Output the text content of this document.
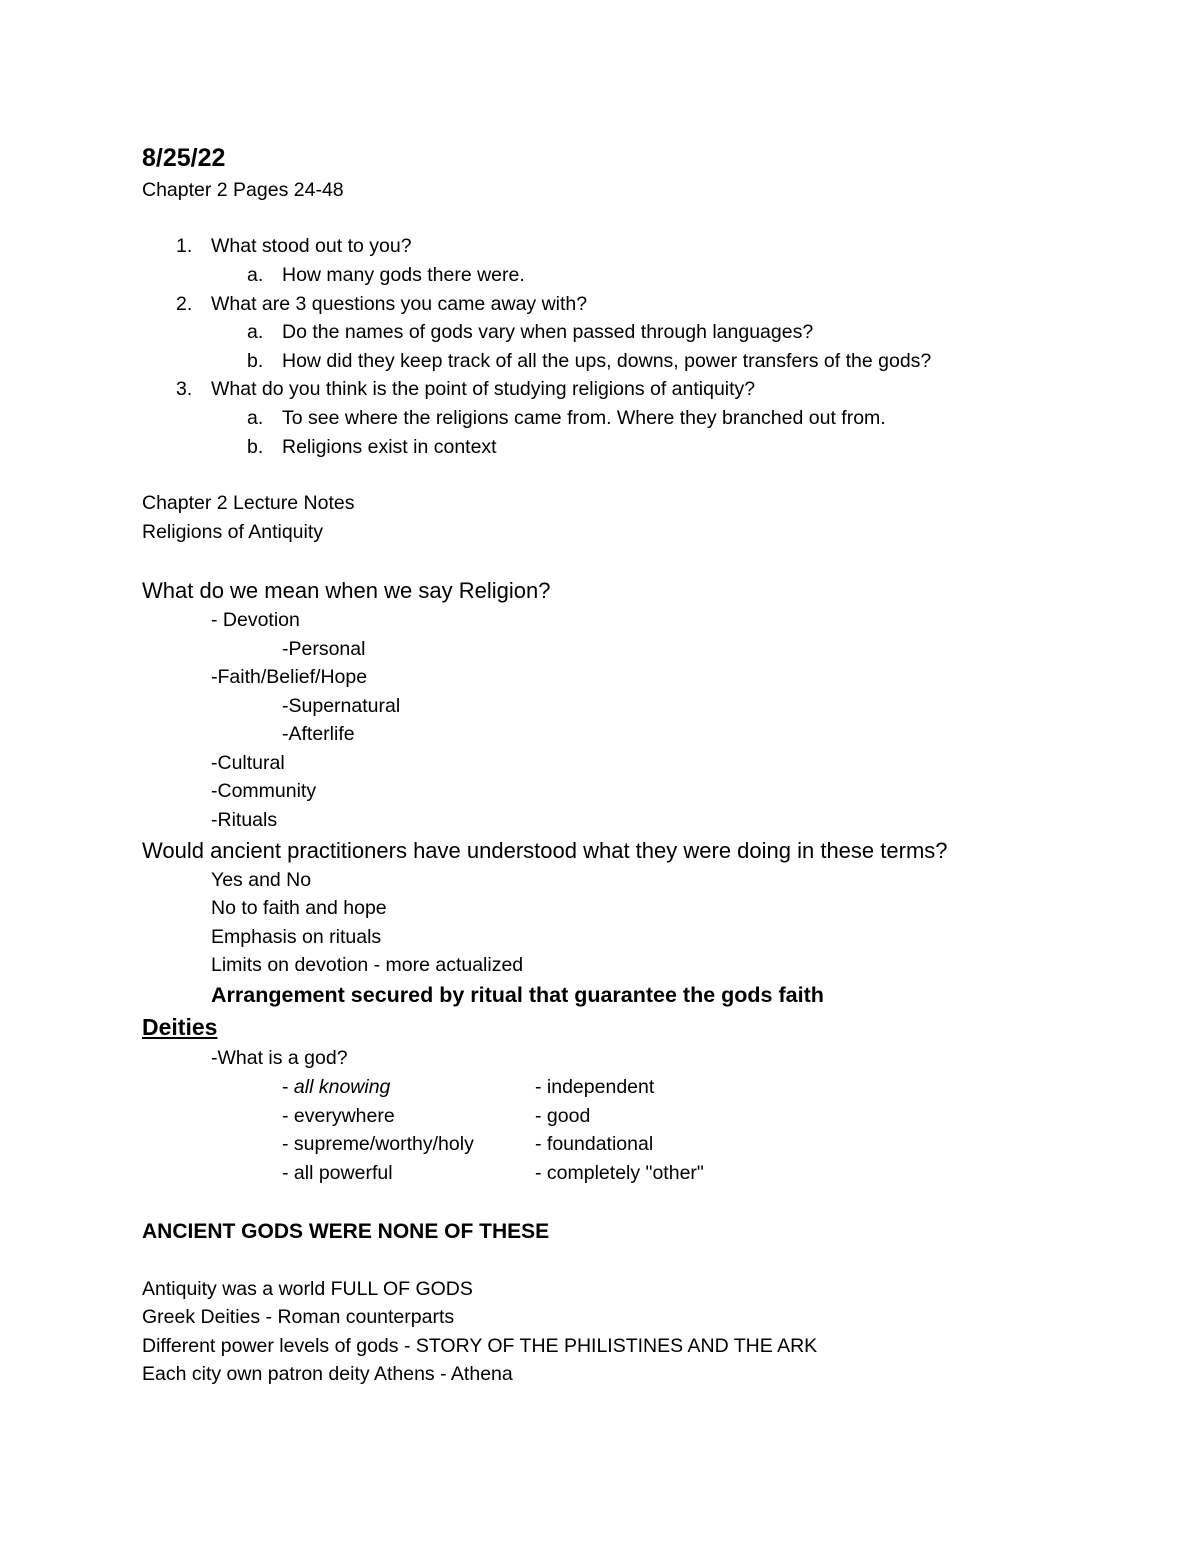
8/25/22
Chapter 2 Pages 24-48
1. What stood out to you?
a. How many gods there were.
2. What are 3 questions you came away with?
a. Do the names of gods vary when passed through languages?
b. How did they keep track of all the ups, downs, power transfers of the gods?
3. What do you think is the point of studying religions of antiquity?
a. To see where the religions came from. Where they branched out from.
b. Religions exist in context
Chapter 2 Lecture Notes
Religions of Antiquity
What do we mean when we say Religion?
- Devotion
-Personal
-Faith/Belief/Hope
-Supernatural
-Afterlife
-Cultural
-Community
-Rituals
Would ancient practitioners have understood what they were doing in these terms?
Yes and No
No to faith and hope
Emphasis on rituals
Limits on devotion - more actualized
Arrangement secured by ritual that guarantee the gods faith
Deities
-What is a god?
- all knowing
- everywhere
- supreme/worthy/holy
- all powerful
- independent
- good
- foundational
- completely "other"
ANCIENT GODS WERE NONE OF THESE
Antiquity was a world FULL OF GODS
Greek Deities - Roman counterparts
Different power levels of gods - STORY OF THE PHILISTINES AND THE ARK
Each city own patron deity Athens - Athena
